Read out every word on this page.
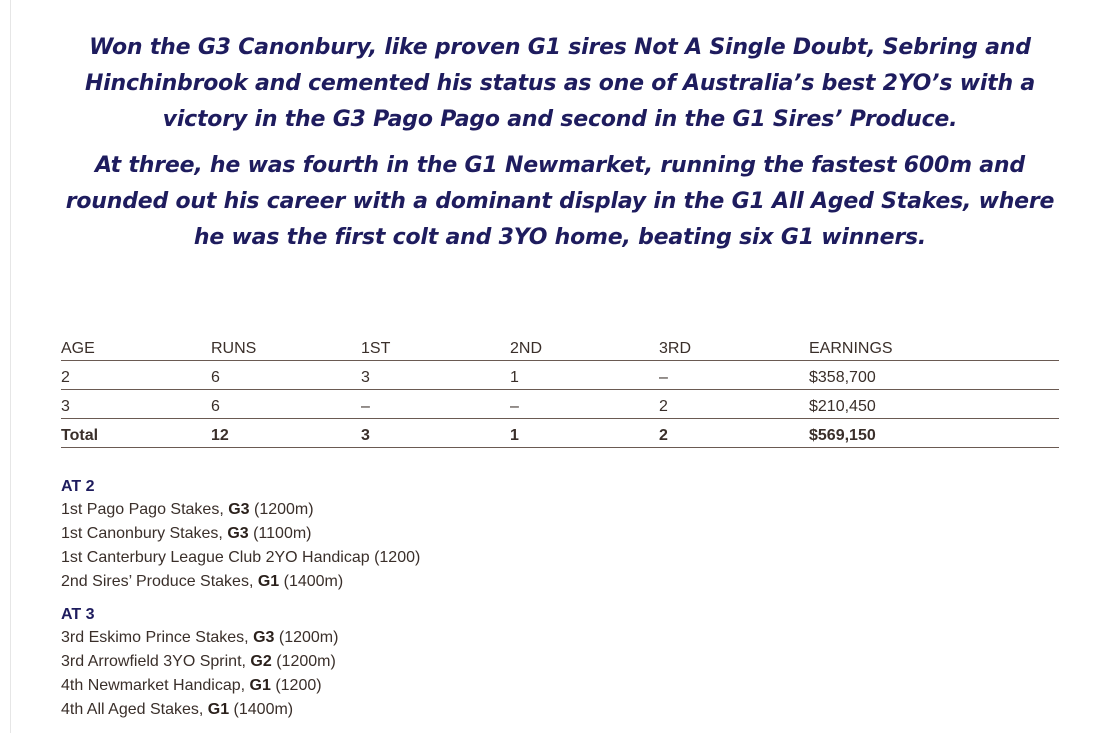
Won the G3 Canonbury, like proven G1 sires Not A Single Doubt, Sebring and Hinchinbrook and cemented his status as one of Australia’s best 2YO’s with a victory in the G3 Pago Pago and second in the G1 Sires’ Produce.

At three, he was fourth in the G1 Newmarket, running the fastest 600m and rounded out his career with a dominant display in the G1 All Aged Stakes, where he was the first colt and 3YO home, beating six G1 winners.

AGE	RUNS	1ST	2ND	3RD	EARNINGS
2	6	3	1	–	$358,700
3	6	–	–	2	$210,450
Total	12	3	1	2	$569,150
AT 2
1st Pago Pago Stakes, G3 (1200m)
1st Canonbury Stakes, G3 (1100m)
1st Canterbury League Club 2YO Handicap (1200)
2nd Sires’ Produce Stakes, G1 (1400m)
AT 3
3rd Eskimo Prince Stakes, G3 (1200m)
3rd Arrowfield 3YO Sprint, G2 (1200m)
4th Newmarket Handicap, G1 (1200)
4th All Aged Stakes, G1 (1400m)
